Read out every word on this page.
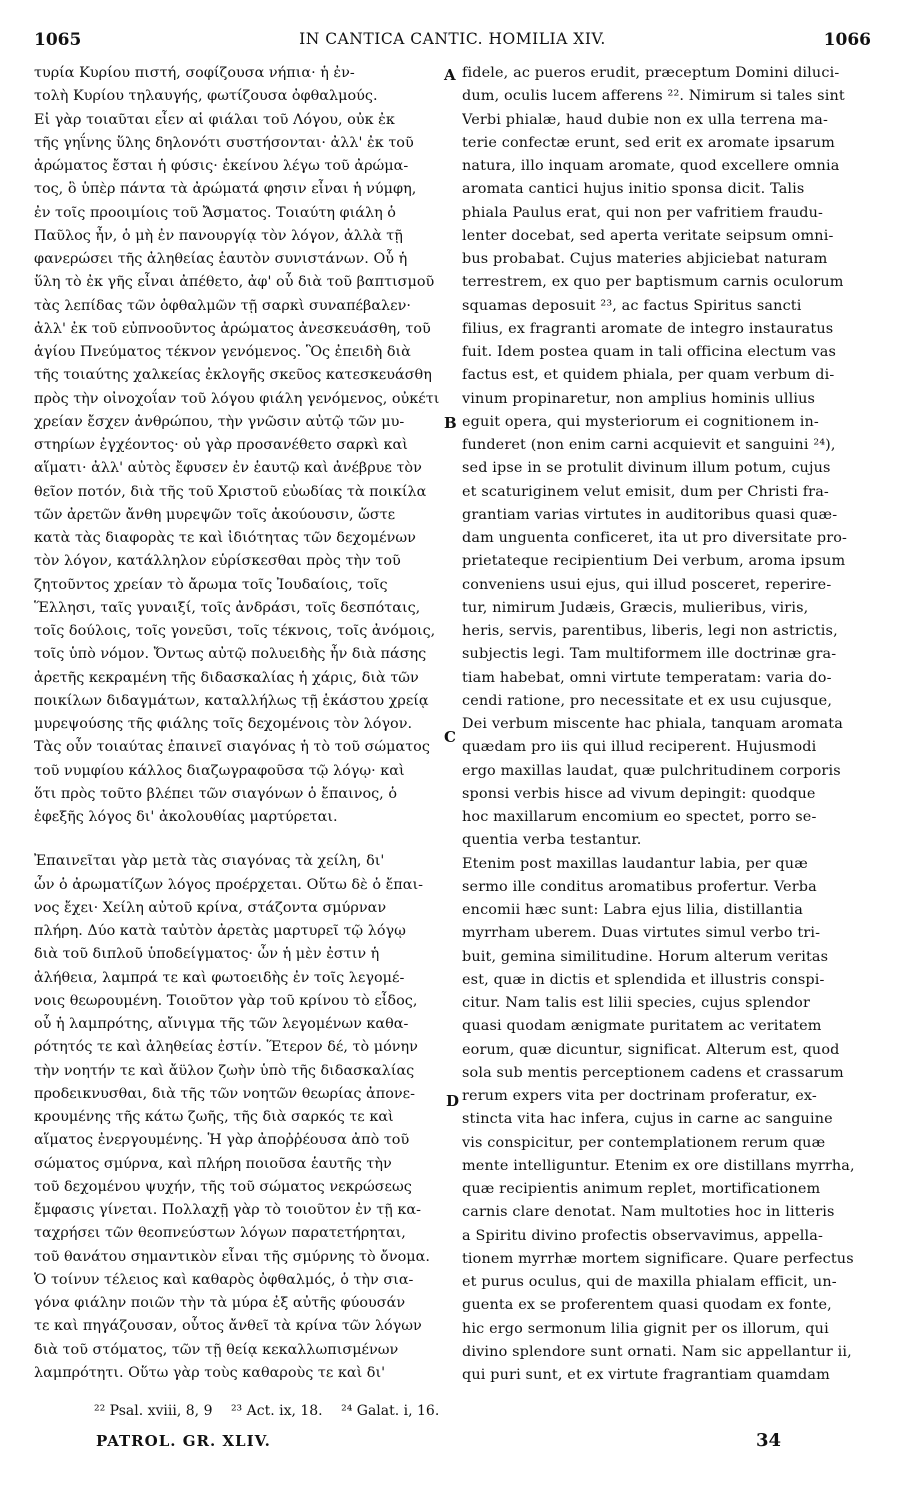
1065	IN CANTICA CANTIC. HOMILIA XIV.	1066
τυρία Κυρίου πιστή, σοφίζουσα νήπια· ἡ ἐν-
τολὴ Κυρίου τηλαυγής, φωτίζουσα ὀφθαλμούς.
Εἰ γὰρ τοιαῦται εἶεν αἱ φιάλαι τοῦ Λόγου, οὐκ ἐκ
τῆς γηΐνης ὕλης δηλονότι συστήσονται· ἀλλ' ἐκ τοῦ
ἀρώματος ἔσται ἡ φύσις· ἐκείνου λέγω τοῦ ἀρώμα-
τος, ὃ ὑπὲρ πάντα τὰ ἀρώματά φησιν εἶναι ἡ νύμφη,
ἐν τοῖς προοιμίοις τοῦ Ἄσματος. Τοιαύτη φιάλη ὁ
Παῦλος ἦν, ὁ μὴ ἐν πανουργίᾳ τὸν λόγον, ἀλλὰ τῇ
φανερώσει τῆς ἀληθείας ἑαυτὸν συνιστάνων. Οὗ ἡ
ὕλη τὸ ἐκ γῆς εἶναι ἀπέθετο, ἀφ' οὗ διὰ τοῦ βαπτισμοῦ
τὰς λεπίδας τῶν ὀφθαλμῶν τῇ σαρκὶ συναπέβαλεν·
ἀλλ' ἐκ τοῦ εὐπνοοῦντος ἀρώματος ἀνεσκευάσθη, τοῦ
ἁγίου Πνεύματος τέκνον γενόμενος. Ὃς ἐπειδὴ διὰ
τῆς τοιαύτης χαλκείας ἐκλογῆς σκεῦος κατεσκευάσθη
πρὸς τὴν οἰνοχοΐαν τοῦ λόγου φιάλη γενόμενος, οὐκέτι
χρείαν ἔσχεν ἀνθρώπου, τὴν γνῶσιν αὐτῷ τῶν μυ-
στηρίων ἐγχέοντος· οὐ γὰρ προσανέθετο σαρκὶ καὶ
αἵματι· ἀλλ' αὐτὸς ἔφυσεν ἐν ἑαυτῷ καὶ ἀνέβρυε τὸν
θεῖον ποτόν, διὰ τῆς τοῦ Χριστοῦ εὐωδίας τὰ ποικίλα
τῶν ἀρετῶν ἄνθη μυρεψῶν τοῖς ἀκούουσιν, ὥστε
κατὰ τὰς διαφορὰς τε καὶ ἰδιότητας τῶν δεχομένων
τὸν λόγον, κατάλληλον εὑρίσκεσθαι πρὸς τὴν τοῦ
ζητοῦντος χρείαν τὸ ἄρωμα τοῖς Ἰουδαίοις, τοῖς
Ἕλλησι, ταῖς γυναιξί, τοῖς ἀνδράσι, τοῖς δεσπόταις,
τοῖς δούλοις, τοῖς γονεῦσι, τοῖς τέκνοις, τοῖς ἀνόμοις,
τοῖς ὑπὸ νόμον. Ὄντως αὐτῷ πολυειδὴς ἦν διὰ πάσης
ἀρετῆς κεκραμένη τῆς διδασκαλίας ἡ χάρις, διὰ τῶν
ποικίλων διδαγμάτων, καταλλήλως τῇ ἑκάστου χρείᾳ
μυρεψούσης τῆς φιάλης τοῖς δεχομένοις τὸν λόγον.
Τὰς οὖν τοιαύτας ἐπαινεῖ σιαγόνας ἡ τὸ τοῦ σώματος
τοῦ νυμφίου κάλλος διαζωγραφοῦσα τῷ λόγῳ· καὶ
ὅτι πρὸς τοῦτο βλέπει τῶν σιαγόνων ὁ ἔπαινος, ὁ
ἐφεξῆς λόγος δι' ἀκολουθίας μαρτύρεται.
Ἐπαινεῖται γὰρ μετὰ τὰς σιαγόνας τὰ χείλη, δι'
ὧν ὁ ἀρωματίζων λόγος προέρχεται. Οὕτω δὲ ὁ ἔπαι-
νος ἔχει· Χείλη αὐτοῦ κρίνα, στάζοντα σμύρναν
πλήρη. Δύο κατὰ ταὐτὸν ἀρετὰς μαρτυρεῖ τῷ λόγῳ
διὰ τοῦ διπλοῦ ὑποδείγματος· ὧν ἡ μὲν ἐστιν ἡ
ἀλήθεια, λαμπρά τε καὶ φωτοειδὴς ἐν τοῖς λεγομέ-
νοις θεωρουμένη. Τοιοῦτον γὰρ τοῦ κρίνου τὸ εἶδος,
οὗ ἡ λαμπρότης, αἴνιγμα τῆς τῶν λεγομένων καθα-
ρότητός τε καὶ ἀληθείας ἐστίν. Ἕτερον δέ, τὸ μόνην
τὴν νοητήν τε καὶ ἄϋλον ζωὴν ὑπὸ τῆς διδασκαλίας
προδεικνυσθαι, διὰ τῆς τῶν νοητῶν θεωρίας ἀπονε-
κρουμένης τῆς κάτω ζωῆς, τῆς διὰ σαρκός τε καὶ
αἵματος ἐνεργουμένης. Ἡ γὰρ ἀποῤῥέουσα ἀπὸ τοῦ
σώματος σμύρνα, καὶ πλήρη ποιοῦσα ἑαυτῆς τὴν
τοῦ δεχομένου ψυχήν, τῆς τοῦ σώματος νεκρώσεως
ἔμφασις γίνεται. Πολλαχῇ γὰρ τὸ τοιοῦτον ἐν τῇ κα-
ταχρήσει τῶν θεοπνεύστων λόγων παρατετήρηται,
τοῦ θανάτου σημαντικὸν εἶναι τῆς σμύρνης τὸ ὄνομα.
Ὁ τοίνυν τέλειος καὶ καθαρὸς ὀφθαλμός, ὁ τὴν σια-
γόνα φιάλην ποιῶν τὴν τὰ μύρα ἐξ αὐτῆς φύουσάν
τε καὶ πηγάζουσαν, οὗτος ἄνθεῖ τὰ κρίνα τῶν λόγων
διὰ τοῦ στόματος, τῶν τῇ θείᾳ κεκαλλωπισμένων
λαμπρότητι. Οὕτω γὰρ τοὺς καθαροὺς τε καὶ δι'
fidele, ac pueros erudit, præceptum Domini diluci-
dum, oculis lucem afferens ²². Nimirum si tales sint
Verbi phialæ, haud dubie non ex ulla terrena ma-
terie confectæ erunt, sed erit ex aromate ipsarum
natura, illo inquam aromate, quod excellere omnia
aromata cantici hujus initio sponsa dicit. Talis
phiala Paulus erat, qui non per vafritiem fraudu-
lenter docebat, sed aperta veritate seipsum omni-
bus probabat. Cujus materies abjiciebat naturam
terrestrem, ex quo per baptismum carnis oculorum
squamas deposuit ²³, ac factus Spiritus sancti
filius, ex fragranti aromate de integro instauratus
fuit. Idem postea quam in tali officina electum vas
factus est, et quidem phiala, per quam verbum di-
vinum propinaretur, non amplius hominis ullius
eguit opera, qui mysteriorum ei cognitionem in-
funderet (non enim carni acquievit et sanguini ²⁴),
sed ipse in se protulit divinum illum potum, cujus
et scaturiginem velut emisit, dum per Christi fra-
grantiam varias virtutes in auditoribus quasi quæ-
dam unguenta conficeret, ita ut pro diversitate pro-
prietateque recipientium Dei verbum, aroma ipsum
conveniens usui ejus, qui illud posceret, reperire-
tur, nimirum Judæis, Græcis, mulieribus, viris,
heris, servis, parentibus, liberis, legi non astrictis,
subjectis legi. Tam multiformem ille doctrinæ gra-
tiam habebat, omni virtute temperatam: varia do-
cendi ratione, pro necessitate et ex usu cujusque,
Dei verbum miscente hac phiala, tanquam aromata
quædam pro iis qui illud reciperent. Hujusmodi
ergo maxillas laudat, quæ pulchritudinem corporis
sponsi verbis hisce ad vivum depingit: quodque
hoc maxillarum encomium eo spectet, porro se-
quentia verba testantur.
Etenim post maxillas laudantur labia, per quæ
sermo ille conditus aromatibus profertur. Verba
encomii hæc sunt: Labra ejus lilia, distillantia
myrrham uberem. Duas virtutes simul verbo tri-
buit, gemina similitudine. Horum alterum veritas
est, quæ in dictis et splendida et illustris conspi-
citur. Nam talis est lilii species, cujus splendor
quasi quodam ænigmate puritatem ac veritatem
eorum, quæ dicuntur, significat. Alterum est, quod
sola sub mentis perceptionem cadens et crassarum
rerum expers vita per doctrinam proferatur, ex-
stincta vita hac infera, cujus in carne ac sanguine
vis conspicitur, per contemplationem rerum quæ
mente intelliguntur. Etenim ex ore distillans myrrha,
quæ recipientis animum replet, mortificationem
carnis clare denotat. Nam multoties hoc in litteris
a Spiritu divino profectis observavimus, appella-
tionem myrrhæ mortem significare. Quare perfectus
et purus oculus, qui de maxilla phialam efficit, un-
guenta ex se proferentem quasi quodam ex fonte,
hic ergo sermonum lilia gignit per os illorum, qui
divino splendore sunt ornati. Nam sic appellantur ii,
qui puri sunt, et ex virtute fragrantiam quamdam
A
B
C
D
²² Psal. xviii, 8, 9 ²³ Act. ix, 18. ²⁴ Galat. i, 16.
PATROL. GR. XLIV.	34
